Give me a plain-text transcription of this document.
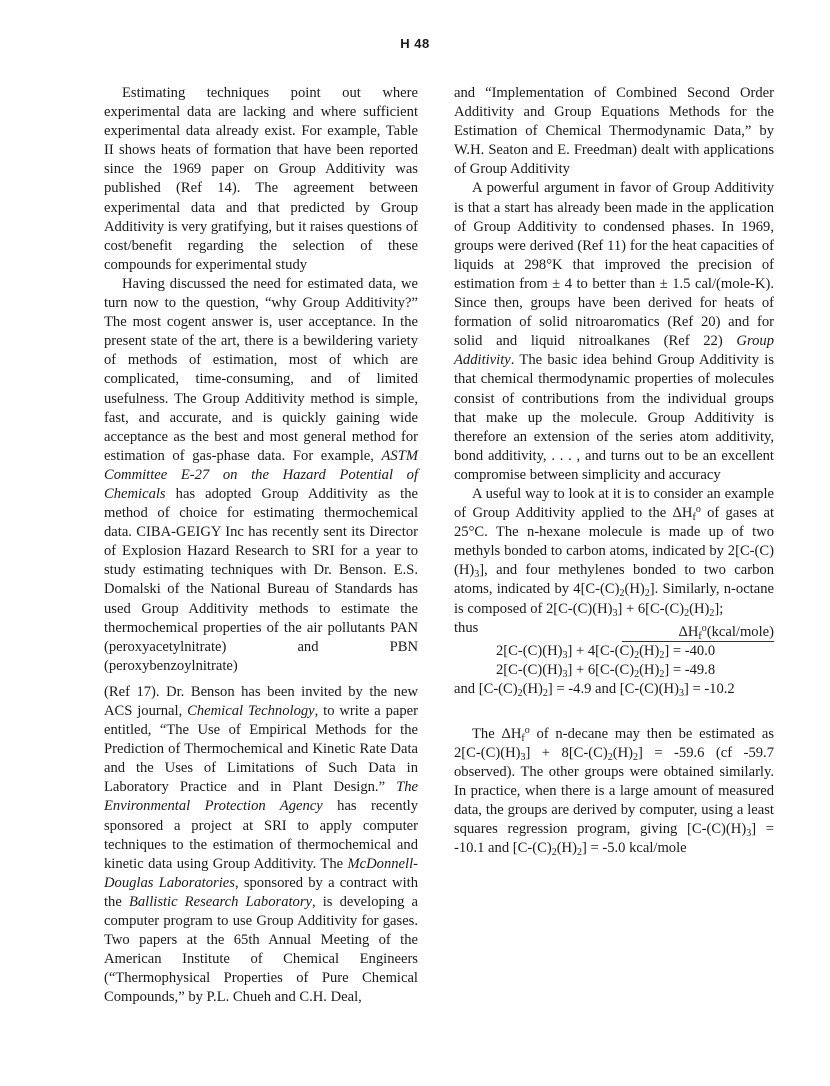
H 48

Estimating techniques point out where experimental data are lacking and where sufficient experimental data already exist. For example, Table II shows heats of formation that have been reported since the 1969 paper on Group Additivity was published (Ref 14). The agreement between experimental data and that predicted by Group Additivity is very gratifying, but it raises questions of cost/benefit regarding the selection of these compounds for experimental study

Having discussed the need for estimated data, we turn now to the question, “why Group Additivity?” The most cogent answer is, user acceptance. In the present state of the art, there is a bewildering variety of methods of estimation, most of which are complicated, time-consuming, and of limited usefulness. The Group Additivity method is simple, fast, and accurate, and is quickly gaining wide acceptance as the best and most general method for estimation of gas-phase data. For example, ASTM Committee E-27 on the Hazard Potential of Chemicals has adopted Group Additivity as the method of choice for estimating thermochemical data. CIBA-GEIGY Inc has recently sent its Director of Explosion Hazard Research to SRI for a year to study estimating techniques with Dr. Benson. E.S. Domalski of the National Bureau of Standards has used Group Additivity methods to estimate the thermochemical properties of the air pollutants PAN (peroxyacetylnitrate) and PBN (peroxybenzoylnitrate)

(Ref 17). Dr. Benson has been invited by the new ACS journal, Chemical Technology, to write a paper entitled, “The Use of Empirical Methods for the Prediction of Thermochemical and Kinetic Rate Data and the Uses of Limitations of Such Data in Laboratory Practice and in Plant Design.” The Environmental Protection Agency has recently sponsored a project at SRI to apply computer techniques to the estimation of thermochemical and kinetic data using Group Additivity. The McDonnell-Douglas Laboratories, sponsored by a contract with the Ballistic Research Laboratory, is developing a computer program to use Group Additivity for gases. Two papers at the 65th Annual Meeting of the American Institute of Chemical Engineers (“Thermophysical Properties of Pure Chemical Compounds,” by P.L. Chueh and C.H. Deal,

and “Implementation of Combined Second Order Additivity and Group Equations Methods for the Estimation of Chemical Thermodynamic Data,” by W.H. Seaton and E. Freedman) dealt with applications of Group Additivity

A powerful argument in favor of Group Additivity is that a start has already been made in the application of Group Additivity to condensed phases. In 1969, groups were derived (Ref 11) for the heat capacities of liquids at 298°K that improved the precision of estimation from ± 4 to better than ± 1.5 cal/(mole-K). Since then, groups have been derived for heats of formation of solid nitroaromatics (Ref 20) and for solid and liquid nitroalkanes (Ref 22) Group Additivity. The basic idea behind Group Additivity is that chemical thermodynamic properties of molecules consist of contributions from the individual groups that make up the molecule. Group Additivity is therefore an extension of the series atom additivity, bond additivity, . . . , and turns out to be an excellent compromise between simplicity and accuracy

A useful way to look at it is to consider an example of Group Additivity applied to the $\Delta H_f^o$ of gases at 25°C. The n-hexane molecule is made up of two methyls bonded to carbon atoms, indicated by $2[C-(C)(H)_3]$, and four methylenes bonded to two carbon atoms, indicated by $4[C-(C)_2(H)_2]$. Similarly, n-octane is composed of $2[C-(C)(H)_3] + 6[C-(C)_2(H)_2]$;

thus	$\Delta H_f^o(kcal/mole)$

$2[C-(C)(H)_3] + 4[C-(C)_2(H)_2] = -40.0$

$2[C-(C)(H)_3] + 6[C-(C)_2(H)_2] = -49.8$

and $[C-(C)_2(H)_2] = -4.9$ and $[C-(C)(H)_3] = -10.2$

The $\Delta H_f^o$ of n-decane may then be estimated as $2[C-(C)(H)_3] + 8[C-(C)_2(H)_2] = -59.6$ (cf -59.7 observed). The other groups were obtained similarly. In practice, when there is a large amount of measured data, the groups are derived by computer, using a least squares regression program, giving $[C-(C)(H)_3] = -10.1$ and $[C-(C)_2(H)_2] = -5.0$ kcal/mole
